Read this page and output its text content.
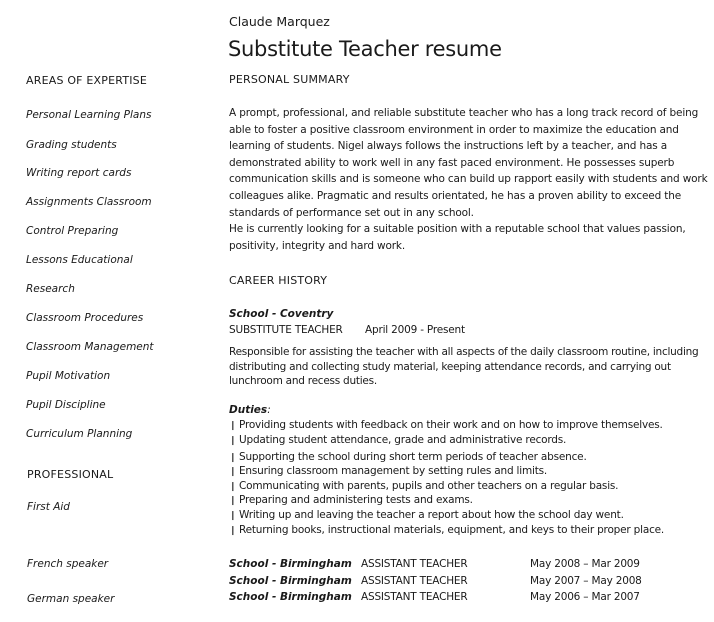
Claude Marquez
Substitute Teacher resume
AREAS OF EXPERTISE
Personal Learning Plans
Grading students
Writing report cards
Assignments Classroom
Control Preparing
Lessons Educational
Research
Classroom Procedures
Classroom Management
Pupil Motivation
Pupil Discipline
Curriculum Planning
PROFESSIONAL
First Aid
French speaker
German speaker
PERSONAL SUMMARY

A prompt, professional, and reliable substitute teacher who has a long track record of being able to foster a positive classroom environment in order to maximize the education and learning of students. Nigel always follows the instructions left by a teacher, and has a demonstrated ability to work well in any fast paced environment. He possesses superb communication skills and is someone who can build up rapport easily with students and work colleagues alike. Pragmatic and results orientated, he has a proven ability to exceed the standards of performance set out in any school.

He is currently looking for a suitable position with a reputable school that values passion, positivity, integrity and hard work.

CAREER HISTORY
School - Coventry
SUBSTITUTE TEACHER April 2009 - Present
Responsible for assisting the teacher with all aspects of the daily classroom routine, including distributing and collecting study material, keeping attendance records, and carrying out lunchroom and recess duties.
Duties:
❙ Providing students with feedback on their work and on how to improve themselves.
❙ Updating student attendance, grade and administrative records.
❙ Supporting the school during short term periods of teacher absence.
❙ Ensuring classroom management by setting rules and limits.
❙ Communicating with parents, pupils and other teachers on a regular basis.
❙ Preparing and administering tests and exams.
❙ Writing up and leaving the teacher a report about how the school day went.
❙ Returning books, instructional materials, equipment, and keys to their proper place.
School - Birmingham ASSISTANT TEACHER	May 2008 – Mar 2009
School - Birmingham ASSISTANT TEACHER	May 2007 – May 2008
School - Birmingham ASSISTANT TEACHER	May 2006 – Mar 2007
